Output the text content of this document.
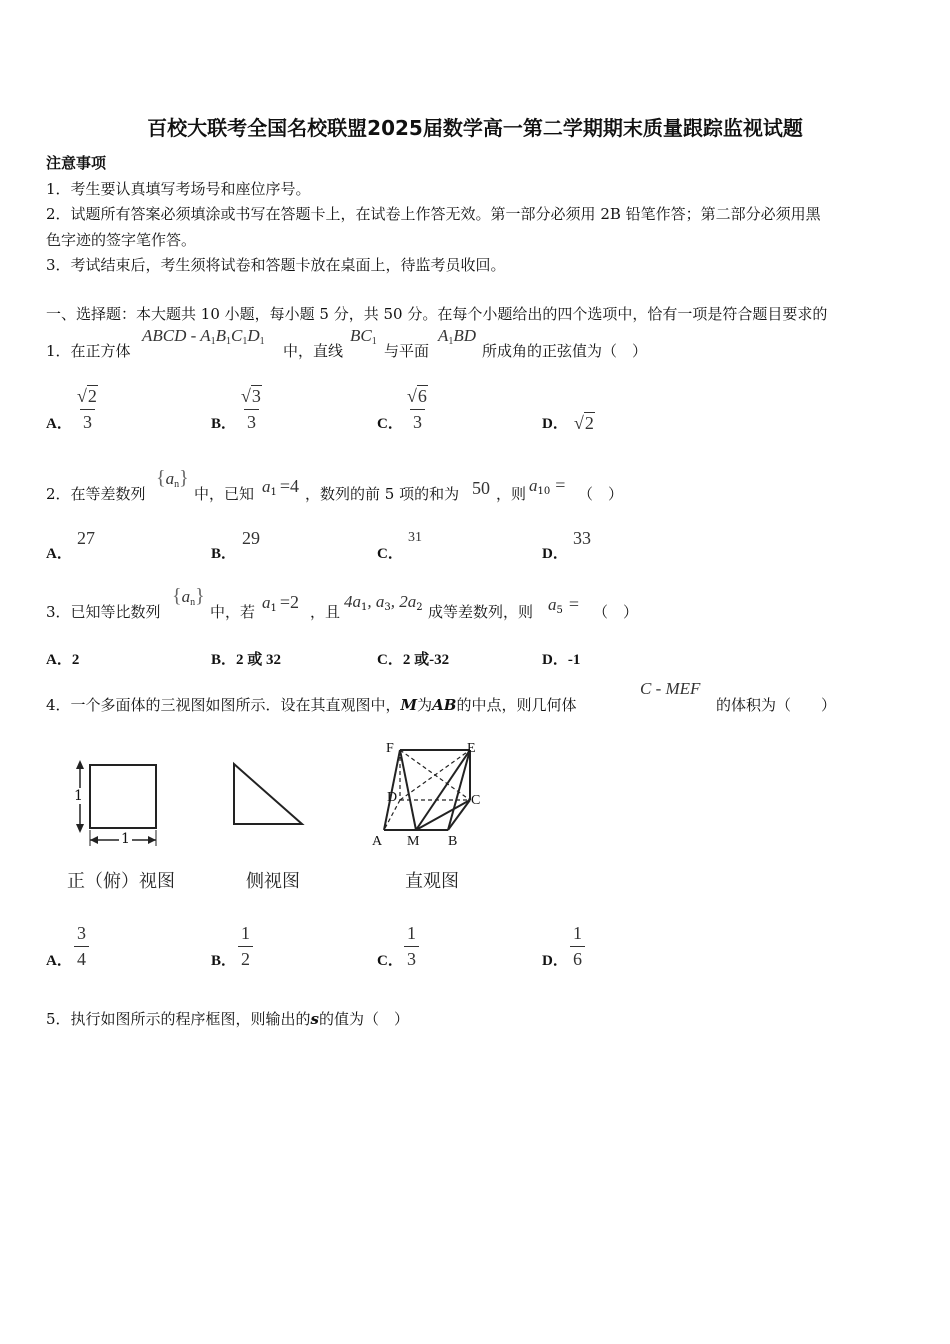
百校大联考全国名校联盟2025届数学高一第二学期期末质量跟踪监视试题
注意事项
1．考生要认真填写考场号和座位序号。
2．试题所有答案必须填涂或书写在答题卡上，在试卷上作答无效。第一部分必须用 2B 铅笔作答；第二部分必须用黑
色字迹的签字笔作答。
3．考试结束后，考生须将试卷和答题卡放在桌面上，待监考员收回。
一、选择题：本大题共 10 小题，每小题 5 分，共 50 分。在每个小题给出的四个选项中，恰有一项是符合题目要求的
1．在正方体
ABCD - $A_1B_1C_1D_1$
中，直线
$BC_1$
与平面
$A_1BD$
所成角的正弦值为（　）
A． $\frac{√2}{3}$	B． $\frac{√3}{3}$	C． $\frac{√6}{3}$	D． √2
2．在等差数列
$\{a_n\}$
中，已知 $a_1 =4$ ，数列的前 5 项的和为 50 ，则 $a_{10}$ = （　）
A．
27
B．
29
C．
31
D．
33
3．已知等比数列
$\{a_n\}$
中，若 $a_1 =2$ ，且
$4a_1$, $a_3$, $2a_2$ 成等差数列，则 $a_5$ = （　）
A．2	B．2 或 32	C．2 或-32	D．-1
4．一个多面体的三视图如图所示．设在其直观图中，M为AB的中点，则几何体
C - MEF
的体积为（　　）
1
1
F	E
D	C
A M B
正（俯）视图	侧视图	直观图
A． $\frac{3}{4}$	B． $\frac{1}{2}$	C． $\frac{1}{3}$	D． $\frac{1}{6}$
5．执行如图所示的程序框图，则输出的s的值为（　）
